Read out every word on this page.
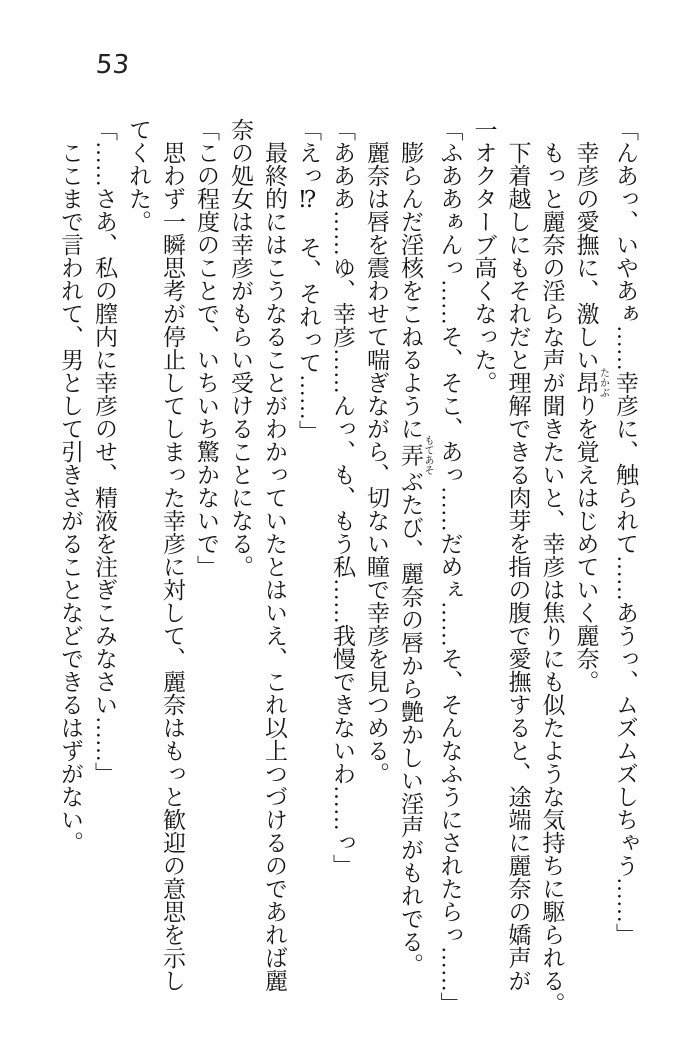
53

「んあっ、いやあぁ……幸彦に、触られて……あうっ、ムズムズしちゃう……」

幸彦の愛撫に、激しい昂 たかぶりを覚えはじめていく麗奈。

もっと麗奈の淫らな声が聞きたいと、幸彦は焦りにも似たような気持ちに駆られる。

下着越しにもそれだと理解できる肉芽を指の腹で愛撫すると、途端に麗奈の嬌声が

一オクターブ高くなった。

「ふああぁんっ……そ、そこ、あっ……だめぇ……そ、そんなふうにされたらっ……」

膨らんだ淫核をこねるように弄 もてあそぶたび、麗奈の唇から艶かしい淫声がもれでる。

麗奈は唇を震わせて喘ぎながら、切ない瞳で幸彦を見つめる。

「あああ……ゆ、幸彦……んっ、も、もう私……我慢できないわ……っ」

「えっ⁉　そ、それって……」

最終的にはこうなることがわかっていたとはいえ、これ以上つづけるのであれば麗

奈の処女は幸彦がもらい受けることになる。

「この程度のことで、いちいち驚かないで」

思わず一瞬思考が停止してしまった幸彦に対して、麗奈はもっと歓迎の意思を示し

てくれた。

「……さあ、私の膣内に幸彦のせ、精液を注ぎこみなさい……」

ここまで言われて、男として引きさがることなどできるはずがない。
